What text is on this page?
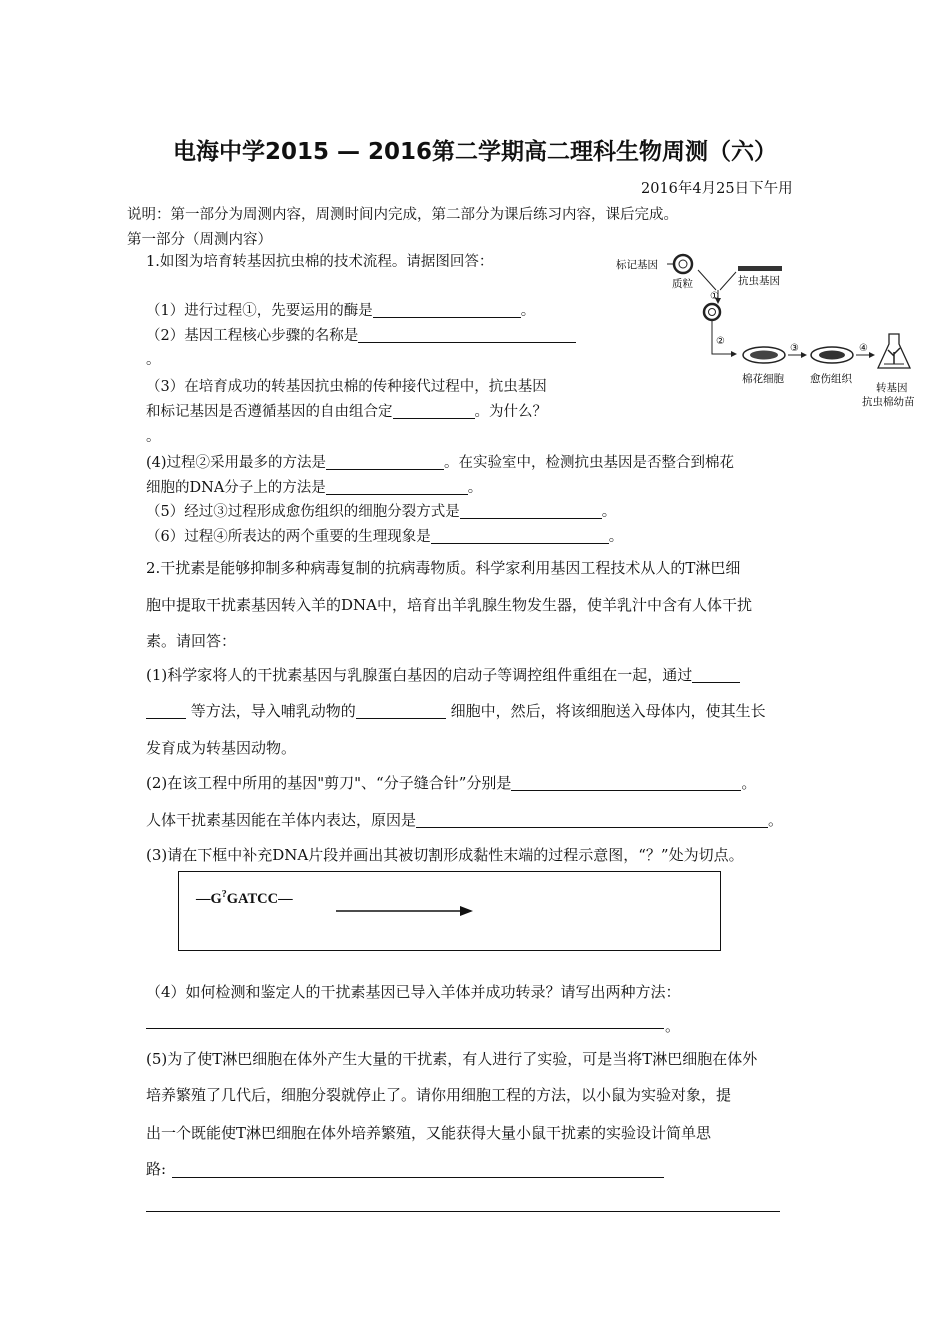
电海中学2015 — 2016第二学期高二理科生物周测（六）
2016年4月25日下午用
说明：第一部分为周测内容，周测时间内完成，第二部分为课后练习内容，课后完成。
第一部分（周测内容）
1.如图为培育转基因抗虫棉的技术流程。请据图回答：
（1）进行过程①，先要运用的酶是	。
（2）基因工程核心步骤的名称是
。
（3）在培育成功的转基因抗虫棉的传种接代过程中，抗虫基因
和标记基因是否遵循基因的自由组合定	。为什么？
。
(4)过程②采用最多的方法是	。在实验室中，检测抗虫基因是否整合到棉花
细胞的DNA分子上的方法是	。
（5）经过③过程形成愈伤组织的细胞分裂方式是	。
（6）过程④所表达的两个重要的生理现象是	。
标记基因
质粒	抗虫基因
①
②
棉花细胞
③
愈伤组织
④
转基因
抗虫棉幼苗
2.干扰素是能够抑制多种病毒复制的抗病毒物质。科学家利用基因工程技术从人的T淋巴细
胞中提取干扰素基因转入羊的DNA中，培育出羊乳腺生物发生器，使羊乳汁中含有人体干扰
素。请回答：
(1)科学家将人的干扰素基因与乳腺蛋白基因的启动子等调控组件重组在一起，通过
等方法，导入哺乳动物的	细胞中，然后，将该细胞送入母体内，使其生长
发育成为转基因动物。
(2)在该工程中所用的基因"剪刀"、“分子缝合针”分别是	。
人体干扰素基因能在羊体内表达，原因是	。
(3)请在下框中补充DNA片段并画出其被切割形成黏性末端的过程示意图，“？”处为切点。
—G?GATCC—
（4）如何检测和鉴定人的干扰素基因已导入羊体并成功转录？请写出两种方法：
。
(5)为了使T淋巴细胞在体外产生大量的干扰素，有人进行了实验，可是当将T淋巴细胞在体外
培养繁殖了几代后，细胞分裂就停止了。请你用细胞工程的方法，以小鼠为实验对象，提
出一个既能使T淋巴细胞在体外培养繁殖，又能获得大量小鼠干扰素的实验设计简单思
路:
